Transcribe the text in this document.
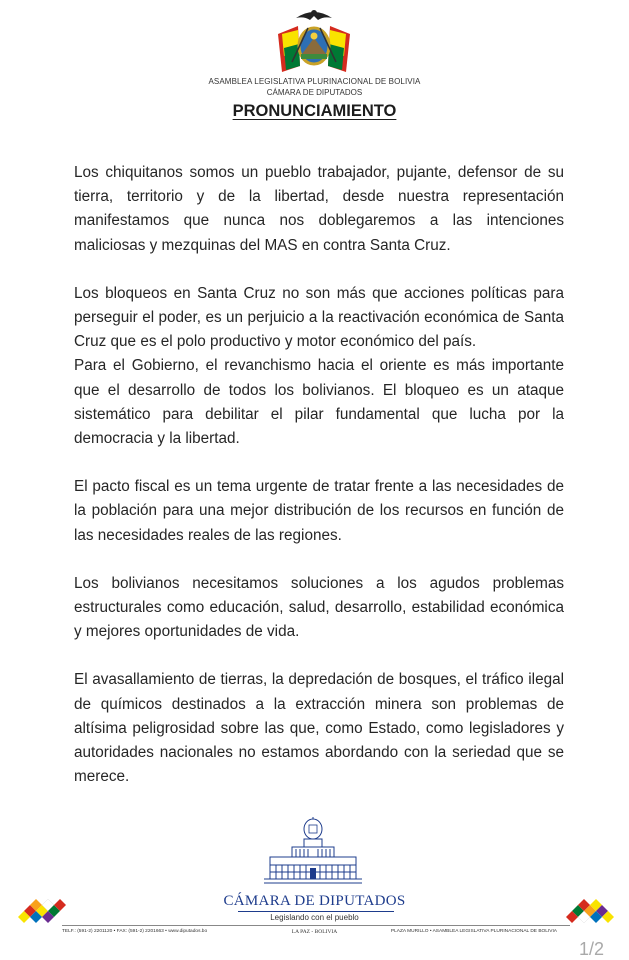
ASAMBLEA LEGISLATIVA PLURINACIONAL DE BOLIVIA
CÁMARA DE DIPUTADOS
PRONUNCIAMIENTO

Los chiquitanos somos un pueblo trabajador, pujante, defensor de su tierra, territorio y de la libertad, desde nuestra representación manifestamos que nunca nos doblegaremos a las intenciones maliciosas y mezquinas del MAS en contra Santa Cruz.

Los bloqueos en Santa Cruz no son más que acciones políticas para perseguir el poder, es un perjuicio a la reactivación económica de Santa Cruz que es el polo productivo y motor económico del país.

Para el Gobierno, el revanchismo hacia el oriente es más importante que el desarrollo de todos los bolivianos. El bloqueo es un ataque sistemático para debilitar el pilar fundamental que lucha por la democracia y la libertad.

El pacto fiscal es un tema urgente de tratar frente a las necesidades de la población para una mejor distribución de los recursos en función de las necesidades reales de las regiones.

Los bolivianos necesitamos soluciones a los agudos problemas estructurales como educación, salud, desarrollo, estabilidad económica y mejores oportunidades de vida.

El avasallamiento de tierras, la depredación de bosques, el tráfico ilegal de químicos destinados a la extracción minera son problemas de altísima peligrosidad sobre las que, como Estado, como legisladores y autoridades nacionales no estamos abordando con la seriedad que se merece.

CÁMARA DE DIPUTADOS
Legislando con el pueblo
TELF.: (591-2) 2201120 • FAX: (591-2) 2201663 • www.diputados.bo	LA PAZ - BOLIVIA	PLAZA MURILLO • ASAMBLEA LEGISLATIVA PLURINACIONAL DE BOLIVIA
1/2
